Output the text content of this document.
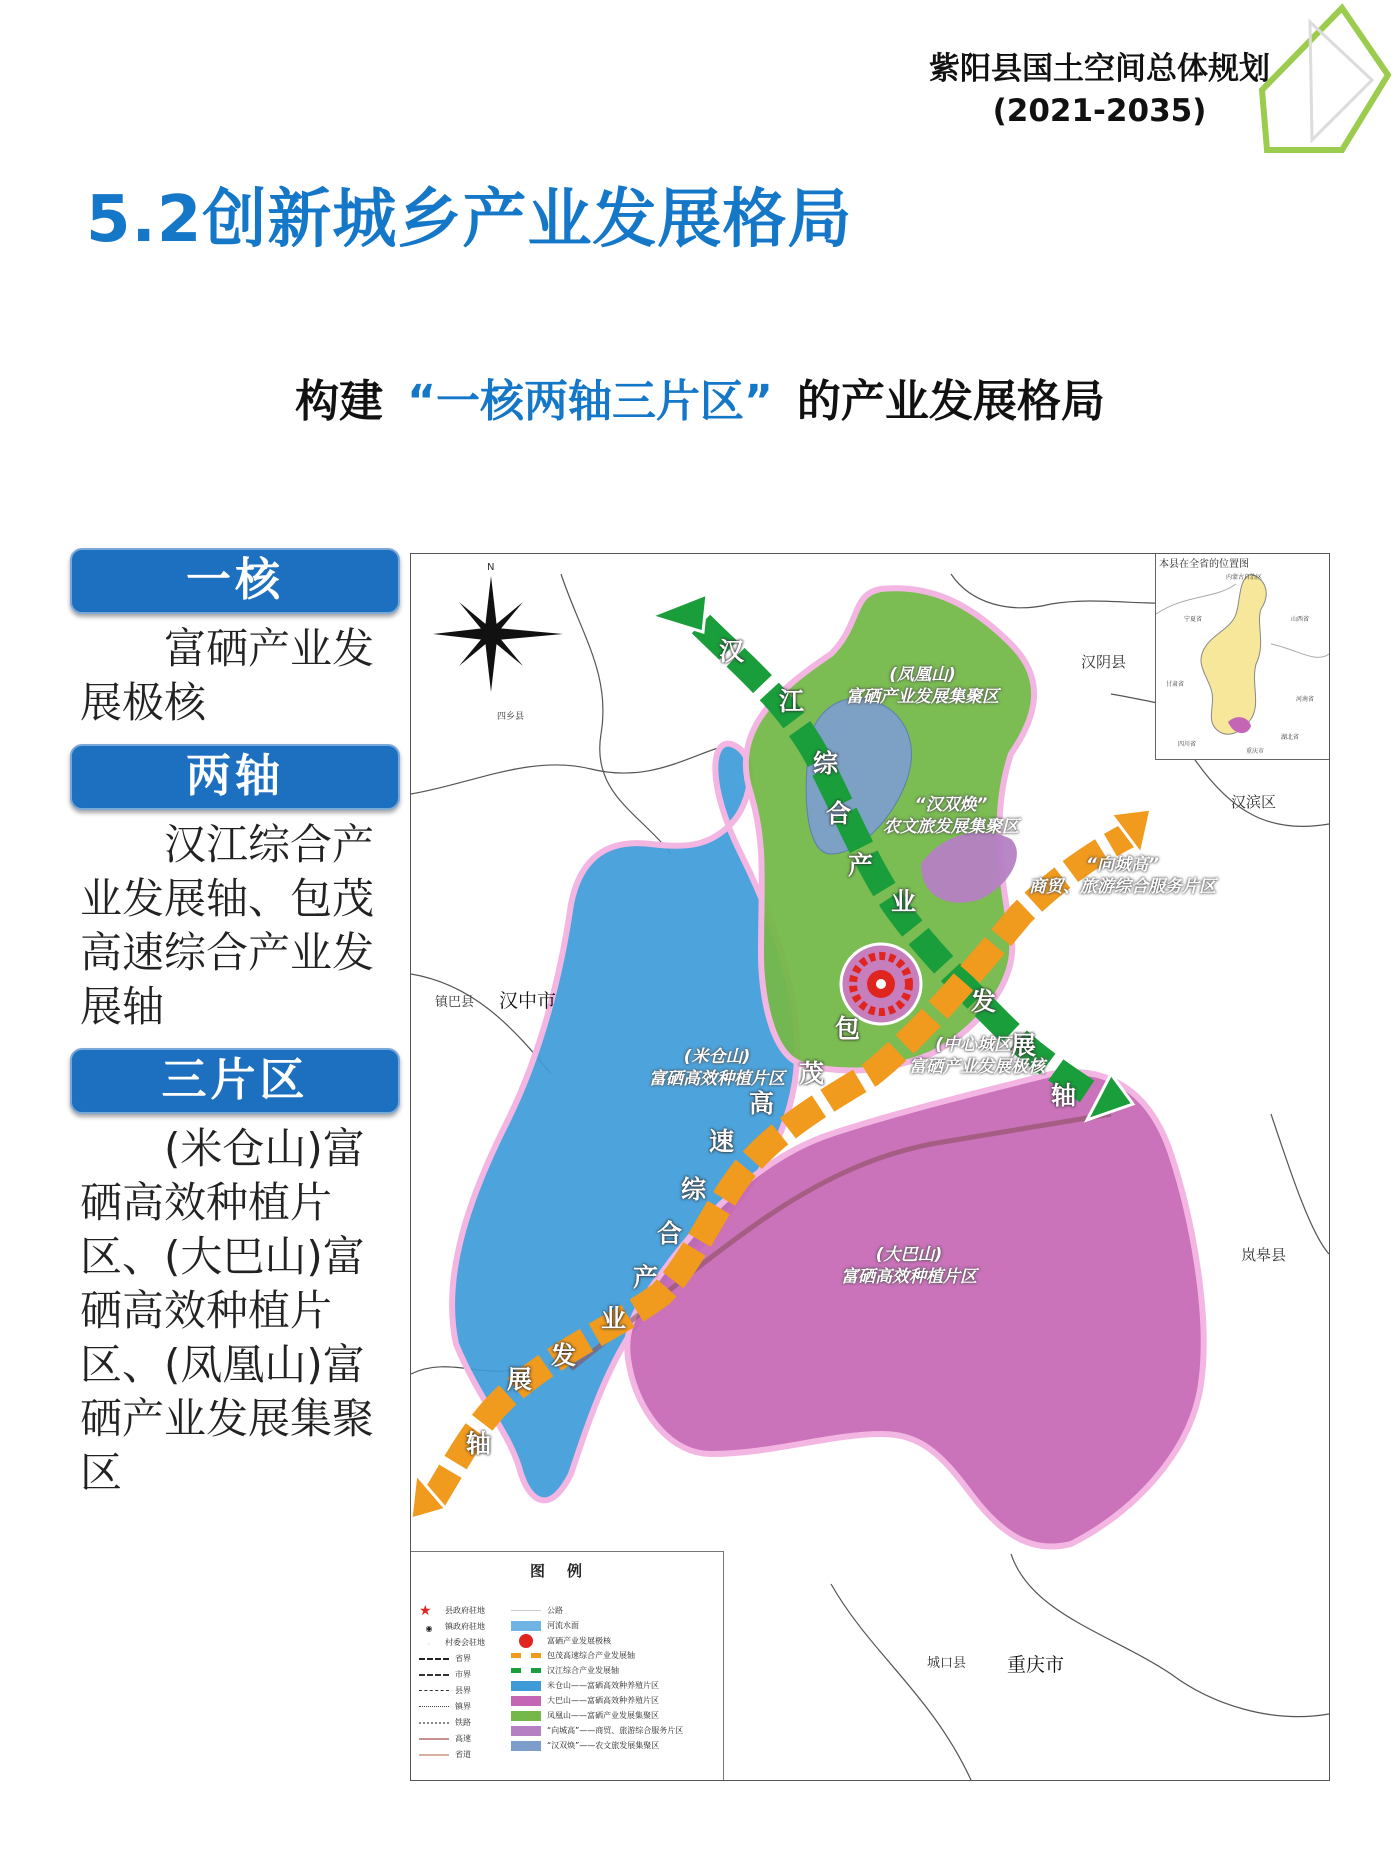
紫阳县国土空间总体规划
(2021-2035)
5.2创新城乡产业发展格局
构建 “一核两轴三片区” 的产业发展格局
一核
富硒产业发展极核
两轴
汉江综合产业发展轴、包茂高速综合产业发展轴
三片区
(米仓山)富硒高效种植片区、(大巴山)富硒高效种植片区、(凤凰山)富硒产业发展集聚区
N
四乡县
本县在全省的位置图
内蒙古自治区
宁夏省	山西省
甘肃省
河南省
四川省
湖北省
重庆市
汉阴县
汉滨区
镇巴县 汉中市
岚皋县
城口县 重庆市
(凤凰山)
富硒产业发展集聚区
“汉双焕”
农文旅发展集聚区
“向城高”
商贸、旅游综合服务片区
(中心城区)
富硒产业发展极核
(米仓山)
富硒高效种植片区
(大巴山)
富硒高效种植片区
汉
江
综
合
产
业
发
展
轴
包
茂
高
速
综
合
产
业
发
展
轴
图例
★ 县政府驻地
◉ 镇政府驻地
· 村委会驻地
省界
市界
县界
镇界
铁路
高速
省道
公路
河流水面
富硒产业发展极核
包茂高速综合产业发展轴
汉江综合产业发展轴
米仓山——富硒高效种养殖片区
大巴山——富硒高效种养殖片区
凤凰山——富硒产业发展集聚区
“向城高”——商贸、旅游综合服务片区
“汉双焕”——农文旅发展集聚区
